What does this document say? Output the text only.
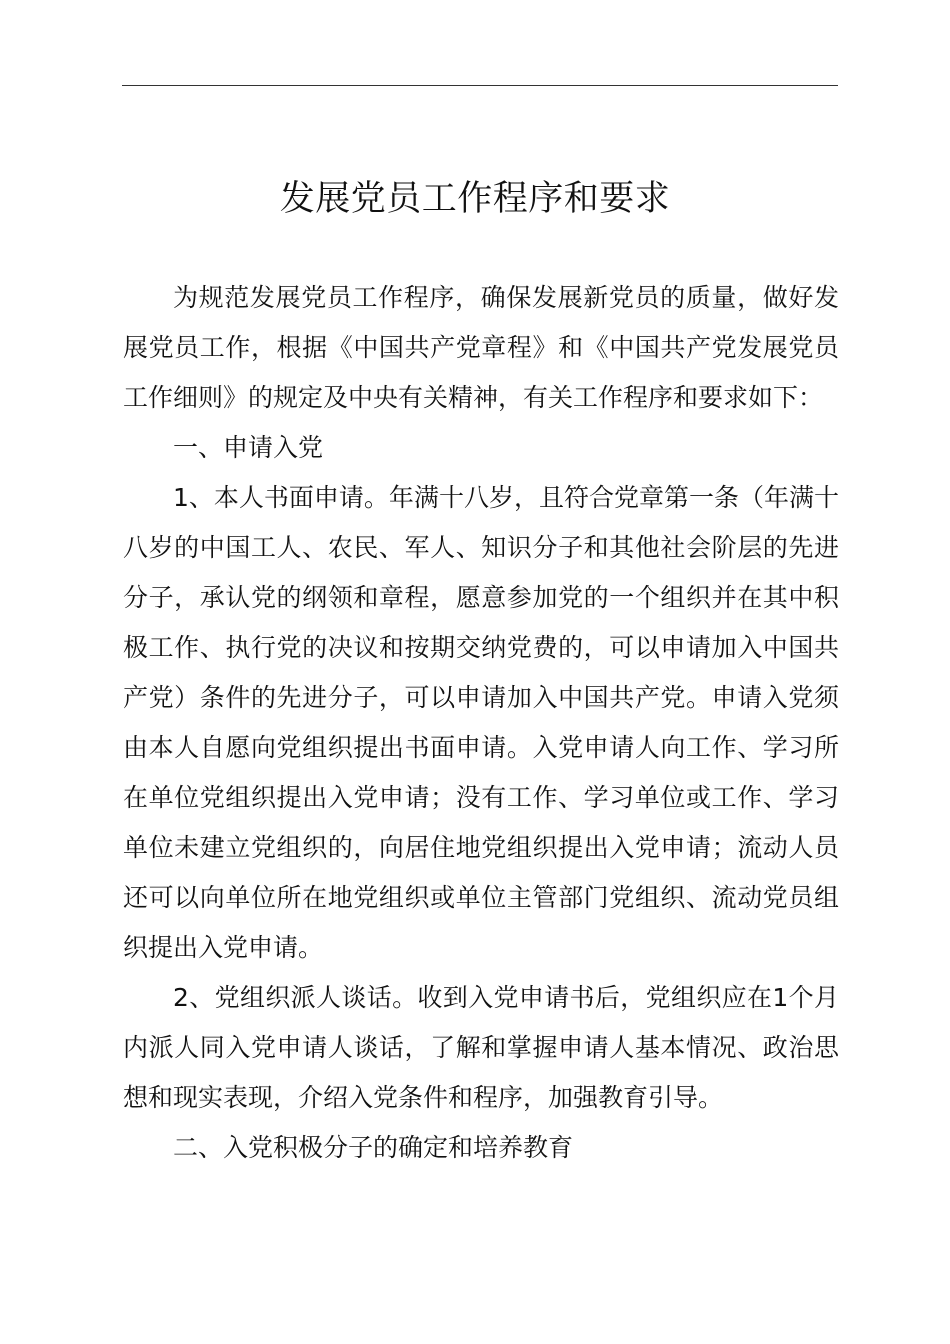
发展党员工作程序和要求

为规范发展党员工作程序，确保发展新党员的质量，做好发展党员工作，根据《中国共产党章程》和《中国共产党发展党员工作细则》的规定及中央有关精神，有关工作程序和要求如下：

一、申请入党

1、本人书面申请。年满十八岁，且符合党章第一条（年满十八岁的中国工人、农民、军人、知识分子和其他社会阶层的先进分子，承认党的纲领和章程，愿意参加党的一个组织并在其中积极工作、执行党的决议和按期交纳党费的，可以申请加入中国共产党）条件的先进分子，可以申请加入中国共产党。申请入党须由本人自愿向党组织提出书面申请。入党申请人向工作、学习所在单位党组织提出入党申请；没有工作、学习单位或工作、学习单位未建立党组织的，向居住地党组织提出入党申请；流动人员还可以向单位所在地党组织或单位主管部门党组织、流动党员组织提出入党申请。

2、党组织派人谈话。收到入党申请书后，党组织应在1个月内派人同入党申请人谈话，了解和掌握申请人基本情况、政治思想和现实表现，介绍入党条件和程序，加强教育引导。

二、入党积极分子的确定和培养教育
